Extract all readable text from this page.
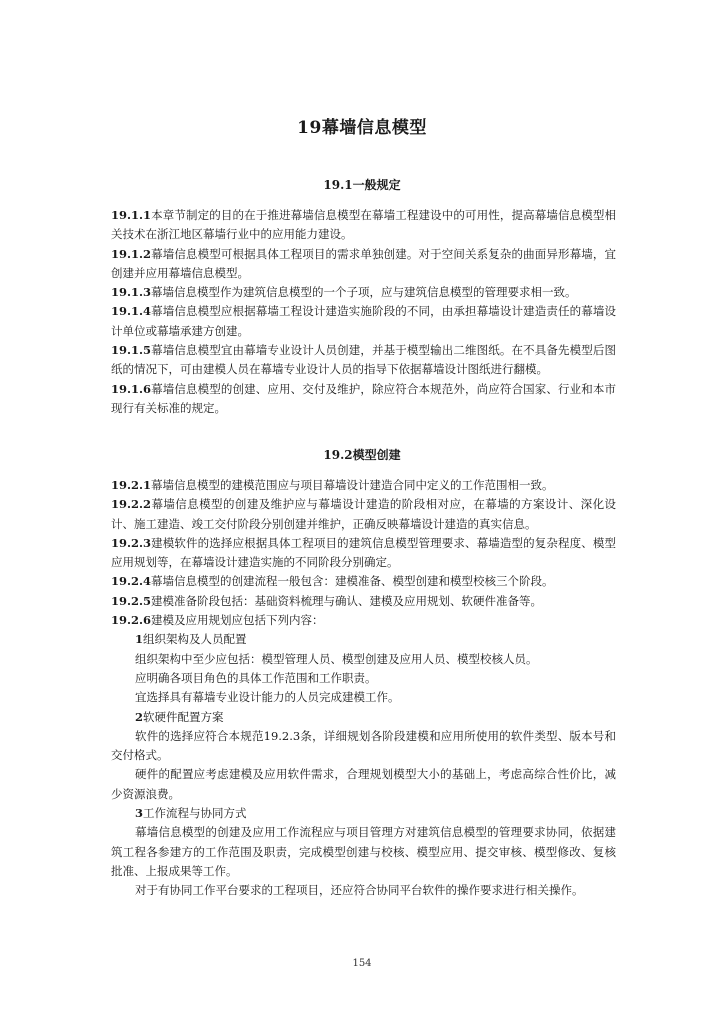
19幕墙信息模型
19.1一般规定

19.1.1本章节制定的目的在于推进幕墙信息模型在幕墙工程建设中的可用性，提高幕墙信息模型相关技术在浙江地区幕墙行业中的应用能力建设。

19.1.2幕墙信息模型可根据具体工程项目的需求单独创建。对于空间关系复杂的曲面异形幕墙，宜创建并应用幕墙信息模型。

19.1.3幕墙信息模型作为建筑信息模型的一个子项，应与建筑信息模型的管理要求相一致。

19.1.4幕墙信息模型应根据幕墙工程设计建造实施阶段的不同，由承担幕墙设计建造责任的幕墙设计单位或幕墙承建方创建。

19.1.5幕墙信息模型宜由幕墙专业设计人员创建，并基于模型输出二维图纸。在不具备先模型后图纸的情况下，可由建模人员在幕墙专业设计人员的指导下依据幕墙设计图纸进行翻模。

19.1.6幕墙信息模型的创建、应用、交付及维护，除应符合本规范外，尚应符合国家、行业和本市现行有关标准的规定。

19.2模型创建

19.2.1幕墙信息模型的建模范围应与项目幕墙设计建造合同中定义的工作范围相一致。

19.2.2幕墙信息模型的创建及维护应与幕墙设计建造的阶段相对应，在幕墙的方案设计、深化设计、施工建造、竣工交付阶段分别创建并维护，正确反映幕墙设计建造的真实信息。

19.2.3建模软件的选择应根据具体工程项目的建筑信息模型管理要求、幕墙造型的复杂程度、模型应用规划等，在幕墙设计建造实施的不同阶段分别确定。

19.2.4幕墙信息模型的创建流程一般包含：建模准备、模型创建和模型校核三个阶段。

19.2.5建模准备阶段包括：基础资料梳理与确认、建模及应用规划、软硬件准备等。

19.2.6建模及应用规划应包括下列内容：

1组织架构及人员配置

组织架构中至少应包括：模型管理人员、模型创建及应用人员、模型校核人员。

应明确各项目角色的具体工作范围和工作职责。

宜选择具有幕墙专业设计能力的人员完成建模工作。

2软硬件配置方案

软件的选择应符合本规范19.2.3条，详细规划各阶段建模和应用所使用的软件类型、版本号和交付格式。

硬件的配置应考虑建模及应用软件需求，合理规划模型大小的基础上，考虑高综合性价比，减少资源浪费。

3工作流程与协同方式

幕墙信息模型的创建及应用工作流程应与项目管理方对建筑信息模型的管理要求协同，依据建筑工程各参建方的工作范围及职责，完成模型创建与校核、模型应用、提交审核、模型修改、复核批准、上报成果等工作。

对于有协同工作平台要求的工程项目，还应符合协同平台软件的操作要求进行相关操作。

154
